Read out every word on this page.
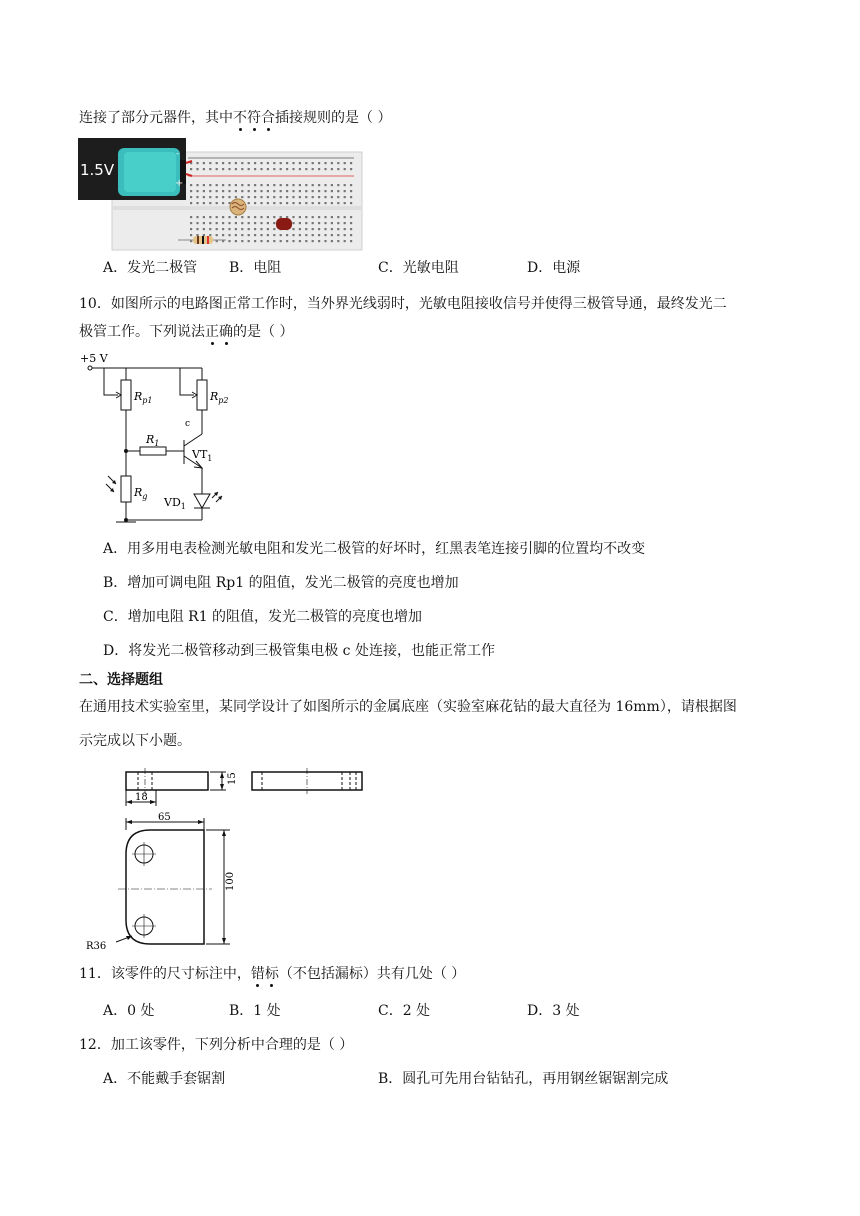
连接了部分元器件，其中不符合插接规则的是（ ）
1.5V
-
+
A．发光二极管 B．电阻	C．光敏电阻	D．电源
10．如图所示的电路图正常工作时，当外界光线弱时，光敏电阻接收信号并使得三极管导通，最终发光二
极管工作。下列说法正确的是（ ）
+5 V
$R_{p1}$	$R_{p2}$
c
$R_1$
$VT_1$
$R_g$ $VD_1$
A．用多用电表检测光敏电阻和发光二极管的好坏时，红黑表笔连接引脚的位置均不改变
B．增加可调电阻 Rp1 的阻值，发光二极管的亮度也增加
C．增加电阻 R1 的阻值，发光二极管的亮度也增加
D．将发光二极管移动到三极管集电极 c 处连接，也能正常工作
二、选择题组
在通用技术实验室里，某同学设计了如图所示的金属底座（实验室麻花钻的最大直径为 16mm），请根据图
示完成以下小题。
15
18
65
100
R36
11．该零件的尺寸标注中，错标（不包括漏标）共有几处（ ）
A．0 处	B．1 处	C．2 处	D．3 处
12．加工该零件，下列分析中合理的是（ ）
A．不能戴手套锯割	B．圆孔可先用台钻钻孔，再用钢丝锯锯割完成
